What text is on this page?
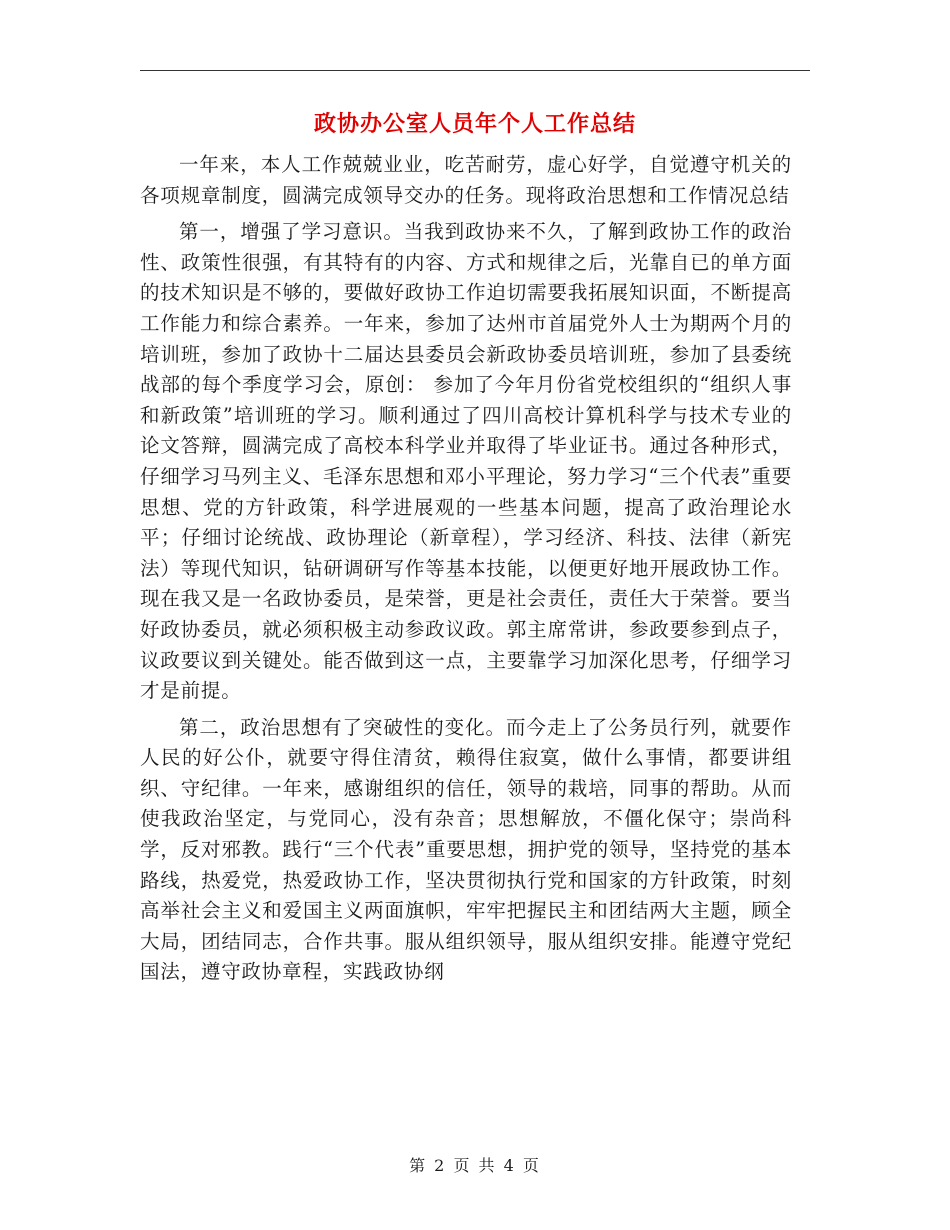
政协办公室人员年个人工作总结

一年来，本人工作兢兢业业，吃苦耐劳，虚心好学，自觉遵守机关的各项规章制度，圆满完成领导交办的任务。现将政治思想和工作情况总结

第一，增强了学习意识。当我到政协来不久，了解到政协工作的政治性、政策性很强，有其特有的内容、方式和规律之后，光靠自已的单方面的技术知识是不够的，要做好政协工作迫切需要我拓展知识面，不断提高工作能力和综合素养。一年来，参加了达州市首届党外人士为期两个月的培训班，参加了政协十二届达县委员会新政协委员培训班，参加了县委统战部的每个季度学习会，原创： 参加了今年月份省党校组织的“组织人事和新政策”培训班的学习。顺利通过了四川高校计算机科学与技术专业的论文答辩，圆满完成了高校本科学业并取得了毕业证书。通过各种形式，仔细学习马列主义、毛泽东思想和邓小平理论，努力学习“三个代表”重要思想、党的方针政策，科学进展观的一些基本问题，提高了政治理论水平；仔细讨论统战、政协理论（新章程），学习经济、科技、法律（新宪法）等现代知识，钻研调研写作等基本技能，以便更好地开展政协工作。现在我又是一名政协委员，是荣誉，更是社会责任，责任大于荣誉。要当好政协委员，就必须积极主动参政议政。郭主席常讲，参政要参到点子，议政要议到关键处。能否做到这一点，主要靠学习加深化思考，仔细学习才是前提。

第二，政治思想有了突破性的变化。而今走上了公务员行列，就要作人民的好公仆，就要守得住清贫，赖得住寂寞，做什么事情，都要讲组织、守纪律。一年来，感谢组织的信任，领导的栽培，同事的帮助。从而使我政治坚定，与党同心，没有杂音；思想解放，不僵化保守；崇尚科学，反对邪教。践行“三个代表”重要思想，拥护党的领导，坚持党的基本路线，热爱党，热爱政协工作，坚决贯彻执行党和国家的方针政策，时刻高举社会主义和爱国主义两面旗帜，牢牢把握民主和团结两大主题，顾全大局，团结同志，合作共事。服从组织领导，服从组织安排。能遵守党纪国法，遵守政协章程，实践政协纲

第 2 页 共 4 页
